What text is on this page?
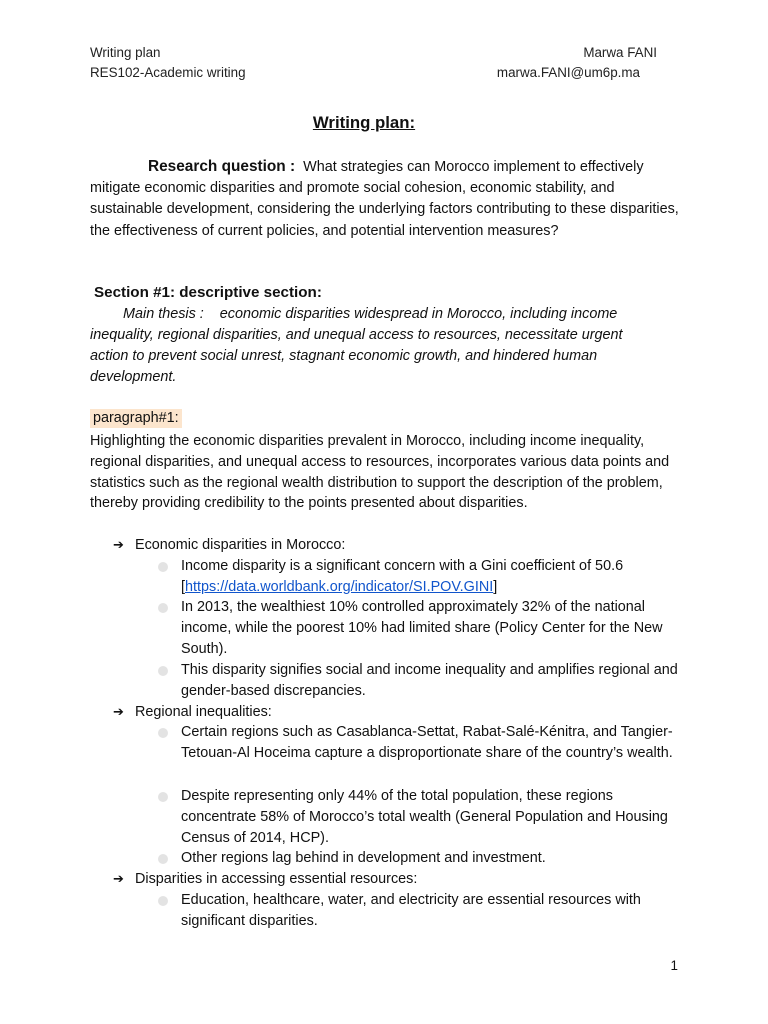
Writing plan
RES102-Academic writing
Marwa FANI
marwa.FANI@um6p.ma
Writing plan:
Research question : What strategies can Morocco implement to effectively mitigate economic disparities and promote social cohesion, economic stability, and sustainable development, considering the underlying factors contributing to these disparities, the effectiveness of current policies, and potential intervention measures?
Section #1: descriptive section:
Main thesis : economic disparities widespread in Morocco, including income inequality, regional disparities, and unequal access to resources, necessitate urgent action to prevent social unrest, stagnant economic growth, and hindered human development.
paragraph#1:
Highlighting the economic disparities prevalent in Morocco, including income inequality, regional disparities, and unequal access to resources, incorporates various data points and statistics such as the regional wealth distribution to support the description of the problem, thereby providing credibility to the points presented about disparities.
➔ Economic disparities in Morocco:
Income disparity is a significant concern with a Gini coefficient of 50.6
[https://data.worldbank.org/indicator/SI.POV.GINI]
In 2013, the wealthiest 10% controlled approximately 32% of the national income, while the poorest 10% had limited share (Policy Center for the New South).
This disparity signifies social and income inequality and amplifies regional and gender-based discrepancies.
➔ Regional inequalities:
Certain regions such as Casablanca-Settat, Rabat-Salé-Kénitra, and Tangier-Tetouan-Al Hoceima capture a disproportionate share of the country’s wealth.
Despite representing only 44% of the total population, these regions concentrate 58% of Morocco’s total wealth (General Population and Housing Census of 2014, HCP).
Other regions lag behind in development and investment.
➔ Disparities in accessing essential resources:
Education, healthcare, water, and electricity are essential resources with significant disparities.
1
